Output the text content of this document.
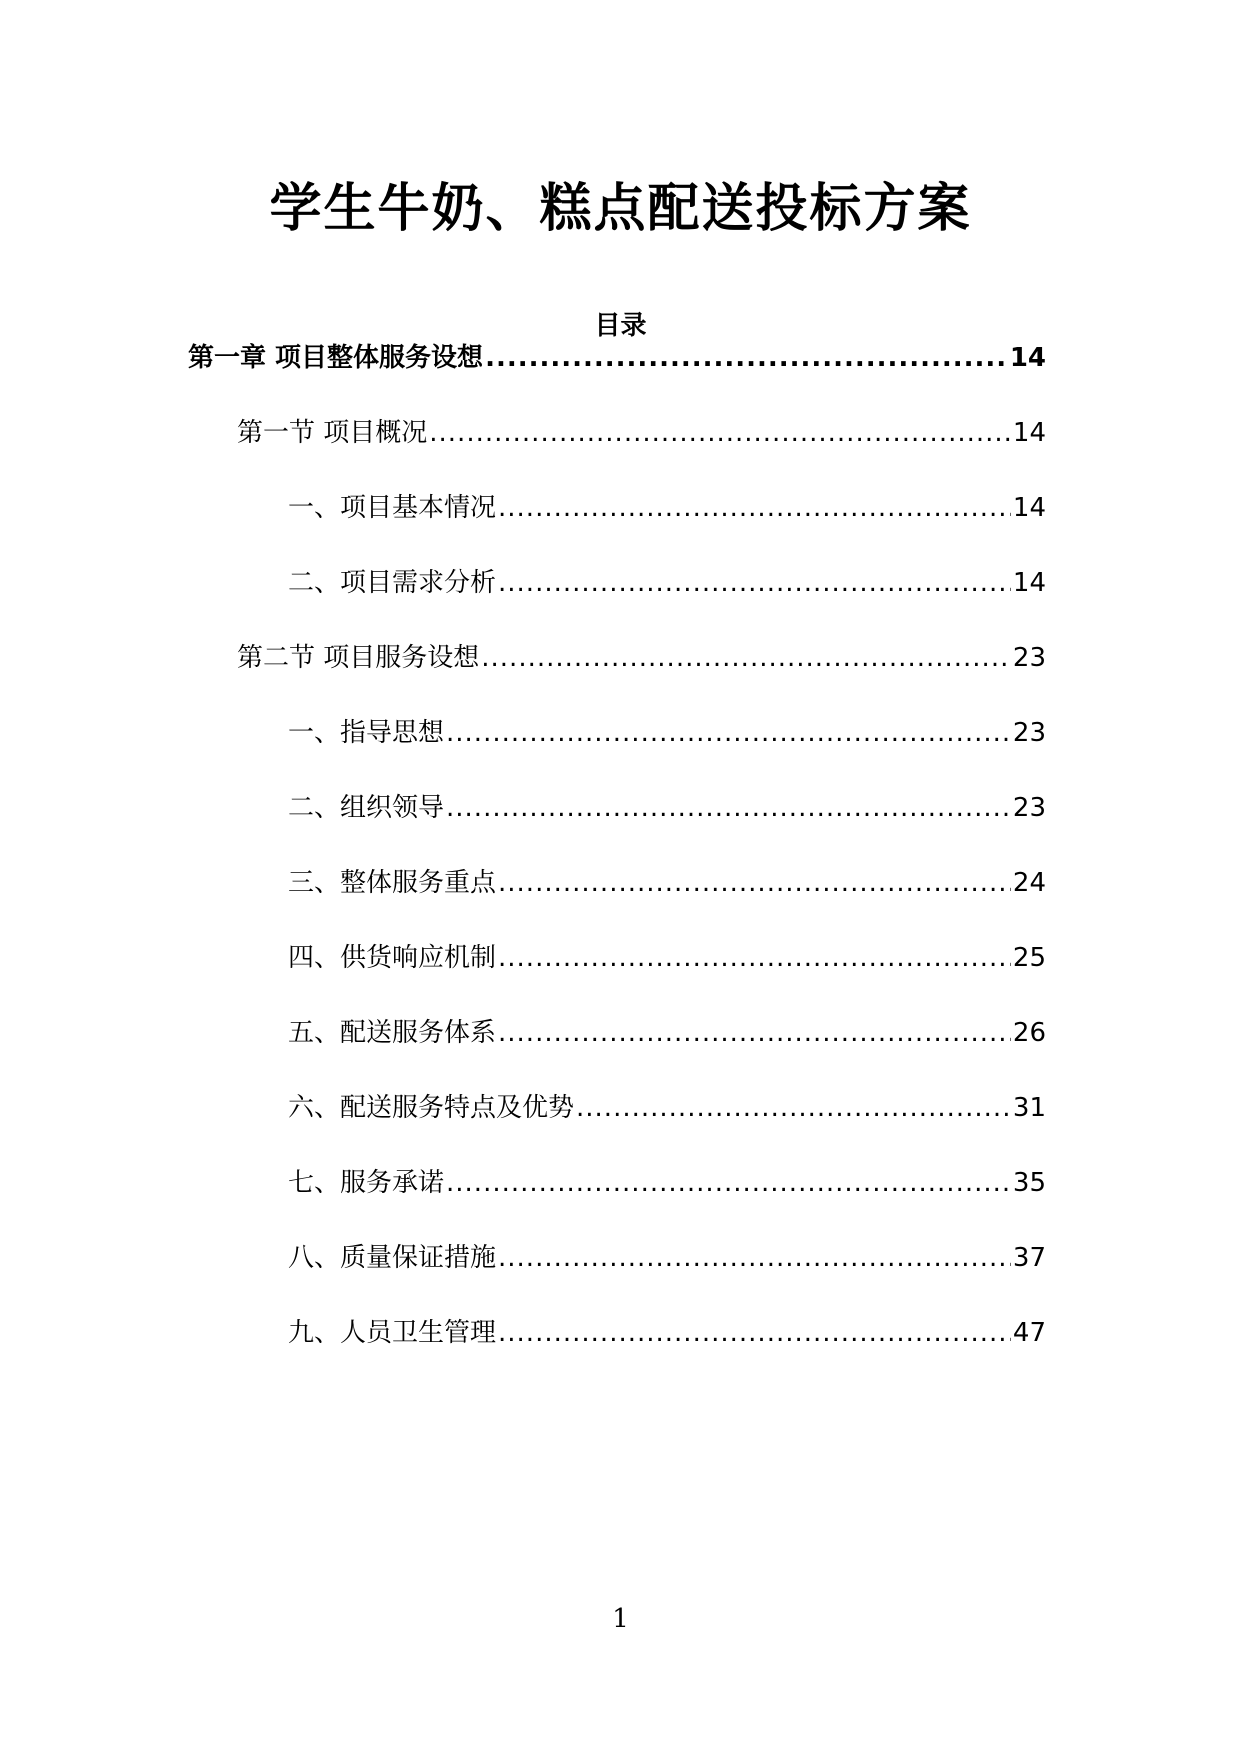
学生牛奶、糕点配送投标方案
目录
第一章 项目整体服务设想 .....	14
第一节 项目概况 .....	14
一、项目基本情况 .....	14
二、项目需求分析 .....	14
第二节 项目服务设想 .....	23
一、指导思想 .....	23
二、组织领导 .....	23
三、整体服务重点 .....	24
四、供货响应机制 .....	25
五、配送服务体系 .....	26
六、配送服务特点及优势 .....	31
七、服务承诺 .....	35
八、质量保证措施 .....	37
九、人员卫生管理 .....	47
1
